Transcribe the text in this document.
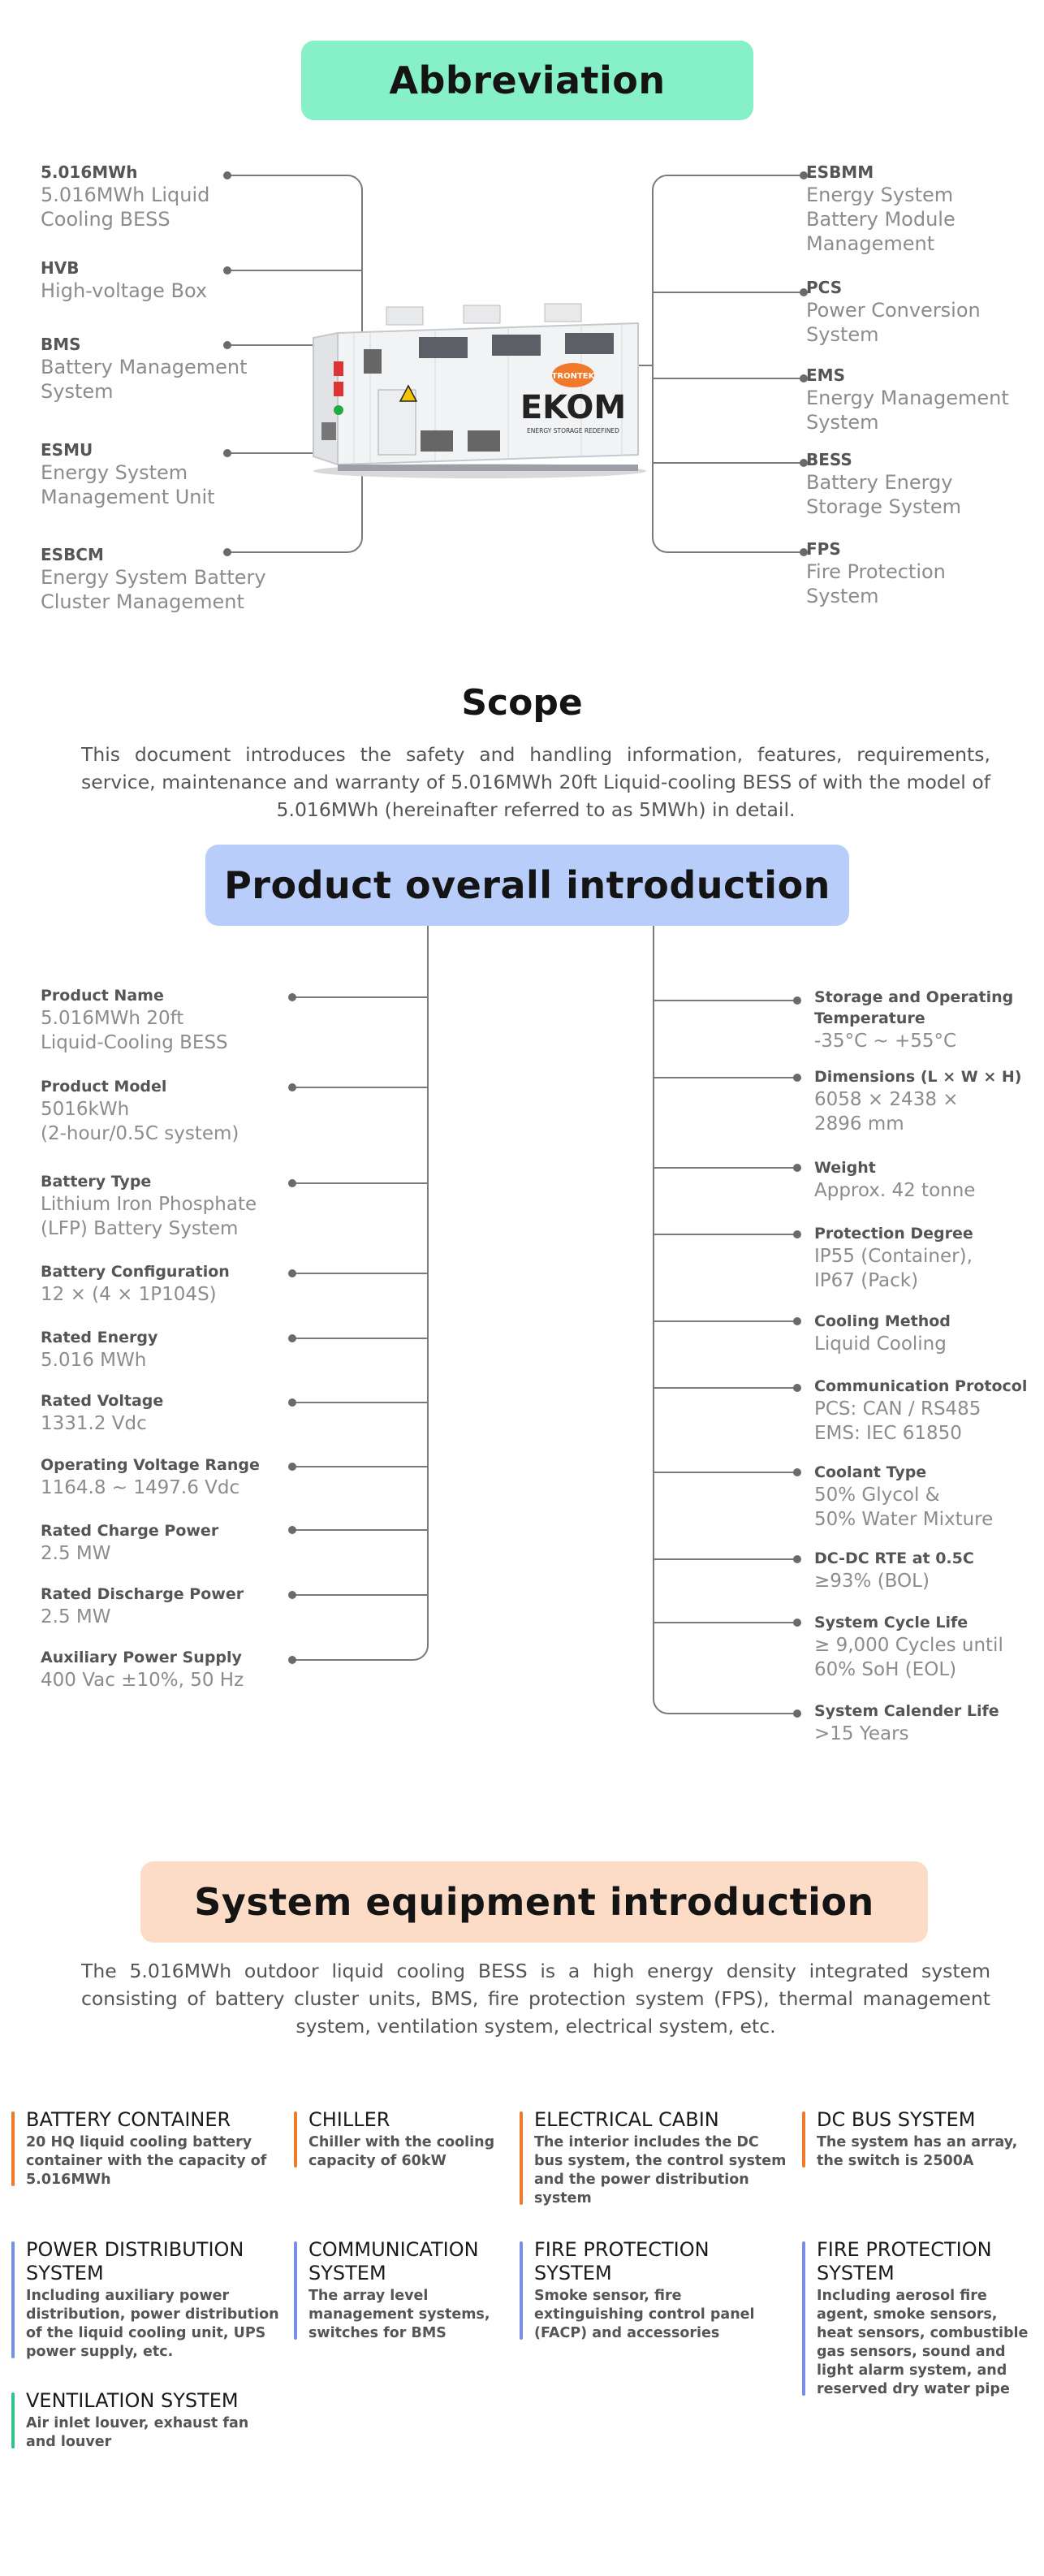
Abbreviation
TRONTEK
EKOM
ENERGY STORAGE REDEFINED
5.016MWh
5.016MWh Liquid
Cooling BESS
HVB
High-voltage Box
BMS
Battery Management
System
ESMU
Energy System
Management Unit
ESBCM
Energy System Battery
Cluster Management
ESBMM
Energy System
Battery Module
Management
PCS
Power Conversion
System
EMS
Energy Management
System
BESS
Battery Energy
Storage System
FPS
Fire Protection
System
Scope
This document introduces the safety and handling information, features, requirements, service, maintenance and warranty of 5.016MWh 20ft Liquid-cooling BESS of with the model of 5.016MWh (hereinafter referred to as 5MWh) in detail.
Product overall introduction
Product Name
5.016MWh 20ft
Liquid-Cooling BESS
Product Model
5016kWh
(2-hour/0.5C system)
Battery Type
Lithium Iron Phosphate
(LFP) Battery System
Battery Configuration
12 × (4 × 1P104S)
Rated Energy
5.016 MWh
Rated Voltage
1331.2 Vdc
Operating Voltage Range
1164.8 ~ 1497.6 Vdc
Rated Charge Power
2.5 MW
Rated Discharge Power
2.5 MW
Auxiliary Power Supply
400 Vac ±10%, 50 Hz
Storage and Operating
Temperature
-35°C ~ +55°C
Dimensions (L × W × H)
6058 × 2438 ×
2896 mm
Weight
Approx. 42 tonne
Protection Degree
IP55 (Container),
IP67 (Pack)
Cooling Method
Liquid Cooling
Communication Protocol
PCS: CAN / RS485
EMS: IEC 61850
Coolant Type
50% Glycol &
50% Water Mixture
DC-DC RTE at 0.5C
≥93% (BOL)
System Cycle Life
≥ 9,000 Cycles until
60% SoH (EOL)
System Calender Life
>15 Years
System equipment introduction
The 5.016MWh outdoor liquid cooling BESS is a high energy density integrated system consisting of battery cluster units, BMS, fire protection system (FPS), thermal management system, ventilation system, electrical system, etc.
BATTERY CONTAINER
20 HQ liquid cooling battery container with the capacity of 5.016MWh
CHILLER
Chiller with the cooling capacity of 60kW
ELECTRICAL CABIN
The interior includes the DC bus system, the control system and the power distribution system
DC BUS SYSTEM
The system has an array, the switch is 2500A
POWER DISTRIBUTION SYSTEM
Including auxiliary power distribution, power distribution of the liquid cooling unit, UPS power supply, etc.
COMMUNICATION SYSTEM
The array level management systems, switches for BMS
FIRE PROTECTION SYSTEM
Smoke sensor, fire extinguishing control panel (FACP) and accessories
FIRE PROTECTION SYSTEM
Including aerosol fire agent, smoke sensors, heat sensors, combustible gas sensors, sound and light alarm system, and reserved dry water pipe
VENTILATION SYSTEM
Air inlet louver, exhaust fan and louver
